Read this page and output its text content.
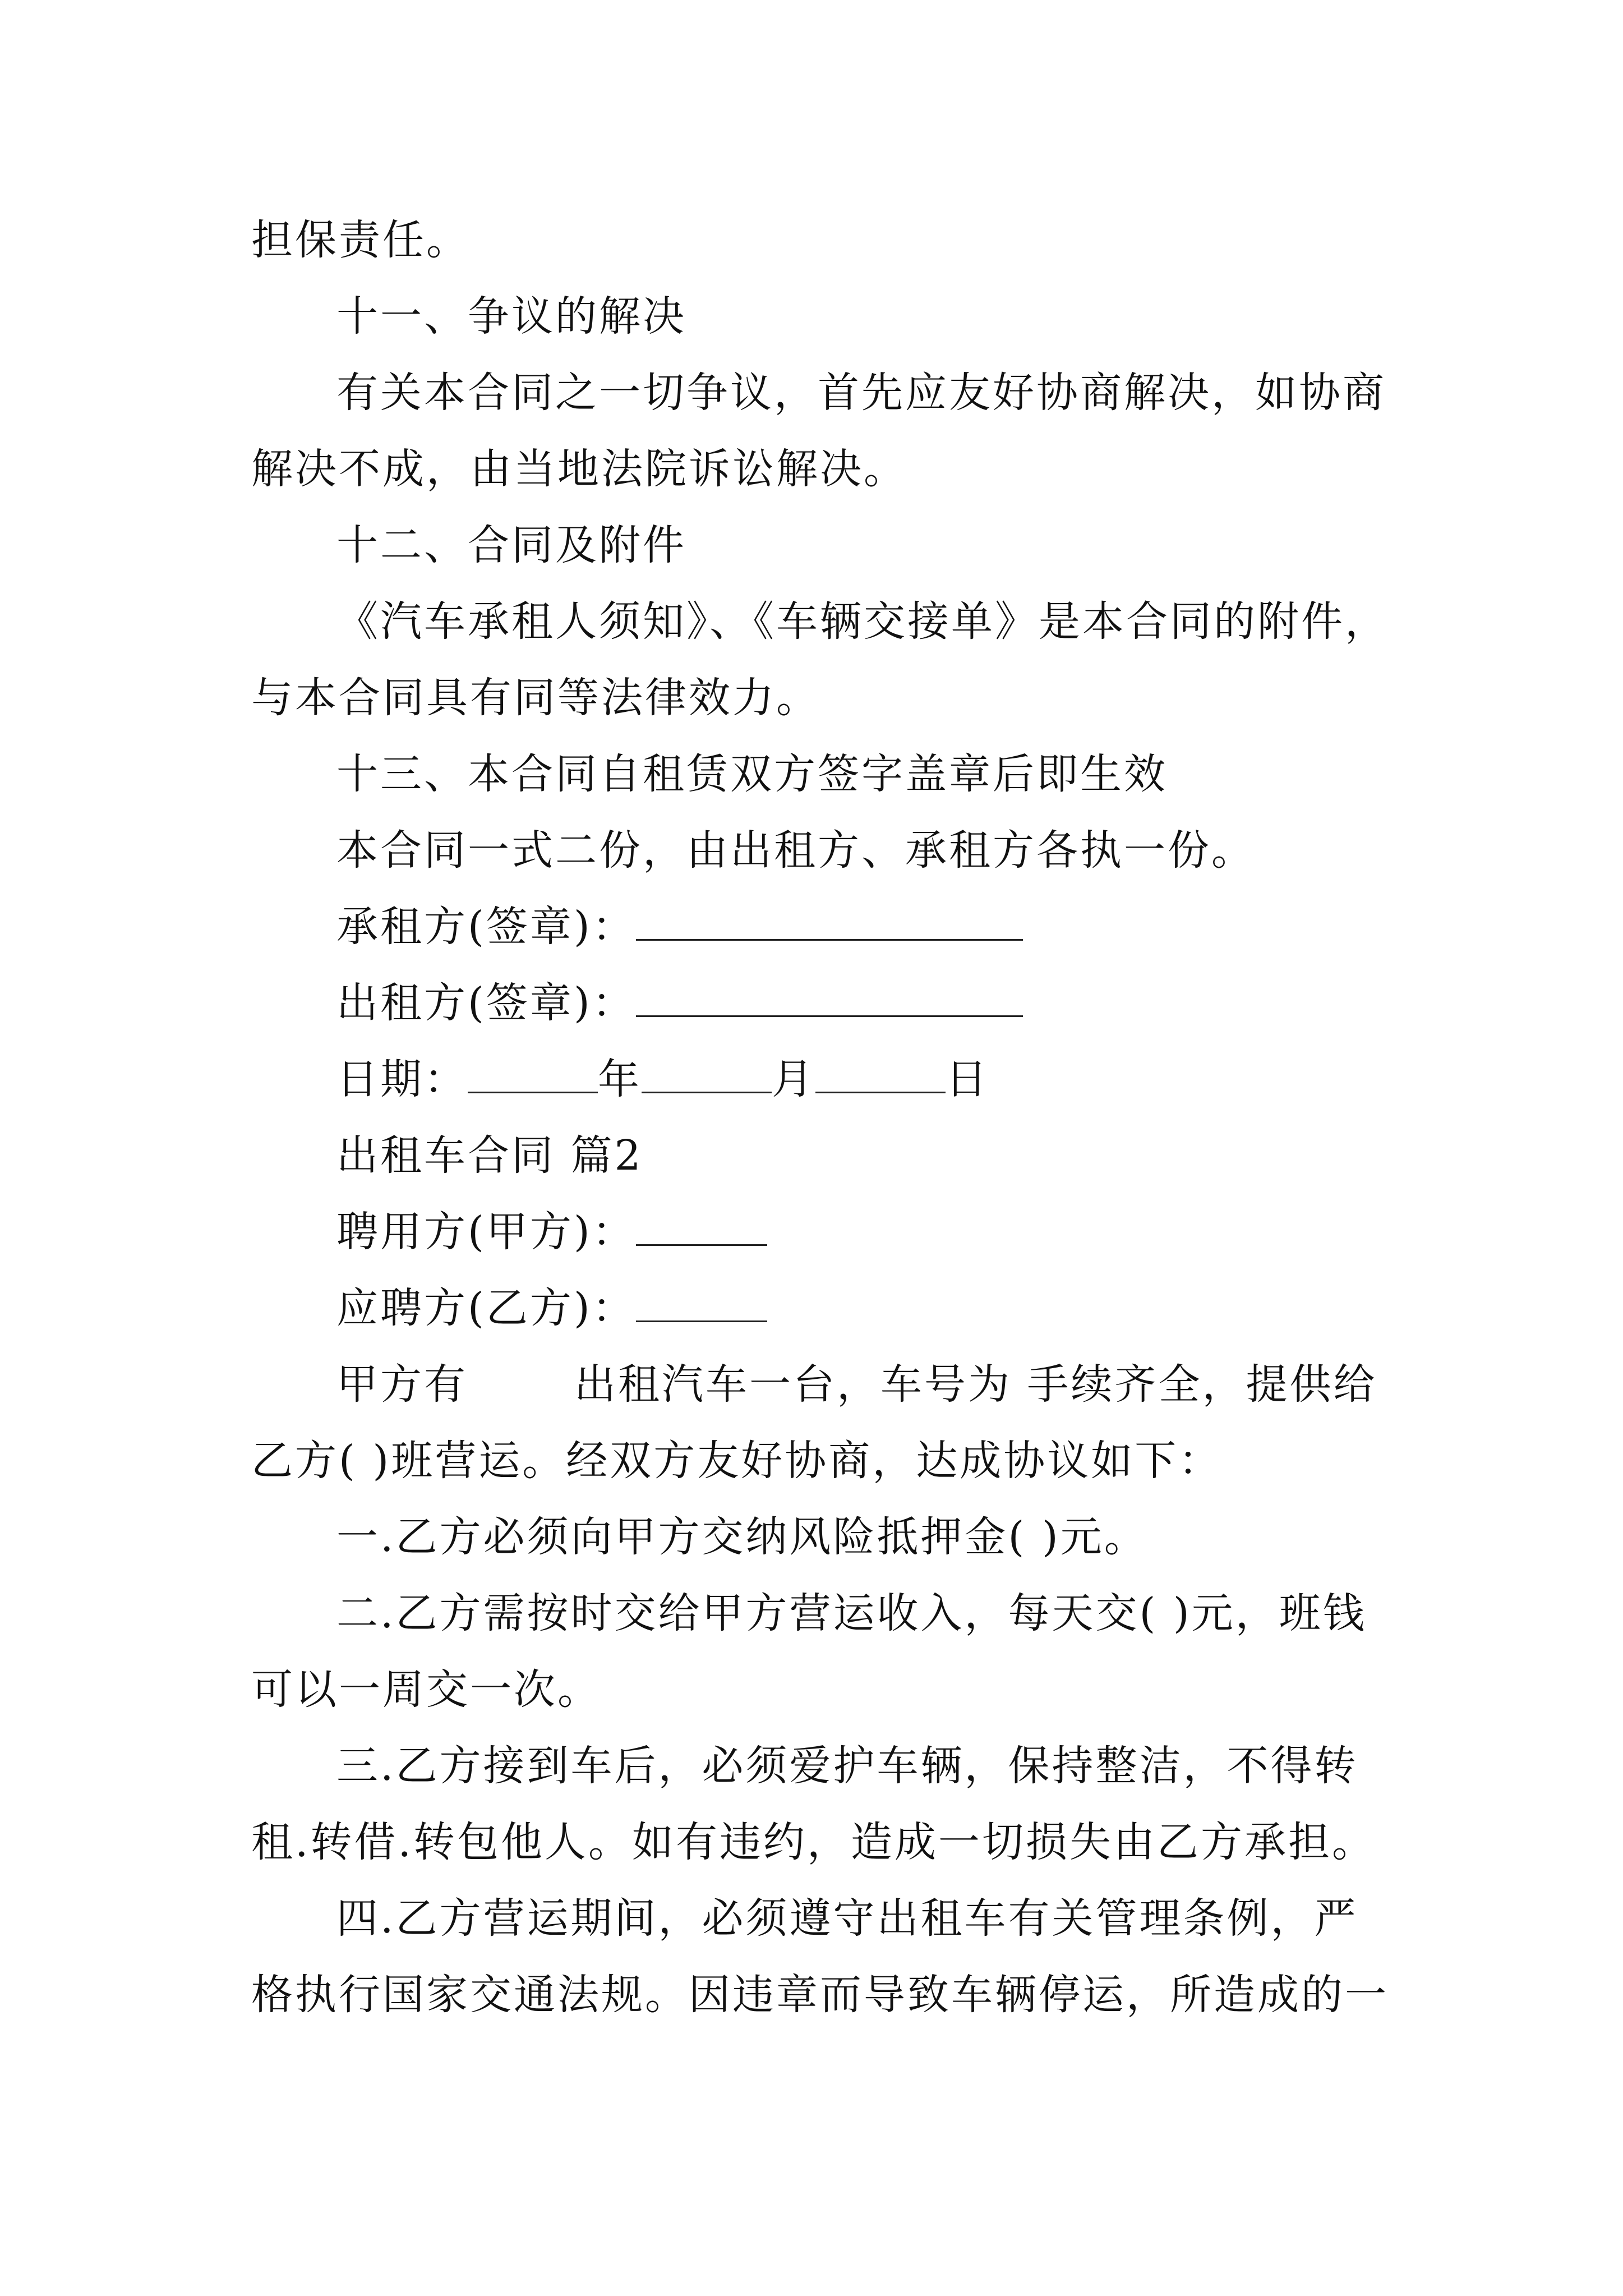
担保责任。
十一、争议的解决
有关本合同之一切争议，首先应友好协商解决，如协商
解决不成，由当地法院诉讼解决。
十二、合同及附件
《汽车承租人须知》、《车辆交接单》是本合同的附件，
与本合同具有同等法律效力。
十三、本合同自租赁双方签字盖章后即生效
本合同一式二份，由出租方、承租方各执一份。
承租方(签章)：
出租方(签章)：
日期：	年	月	日
出租车合同 篇2
聘用方(甲方)：
应聘方(乙方)：
甲方有	出租汽车一台，车号为 手续齐全，提供给
乙方( )班营运。经双方友好协商，达成协议如下：
一.乙方必须向甲方交纳风险抵押金( )元。
二.乙方需按时交给甲方营运收入，每天交( )元，班钱
可以一周交一次。
三.乙方接到车后，必须爱护车辆，保持整洁，不得转
租.转借.转包他人。如有违约，造成一切损失由乙方承担。
四.乙方营运期间，必须遵守出租车有关管理条例，严
格执行国家交通法规。因违章而导致车辆停运，所造成的一
